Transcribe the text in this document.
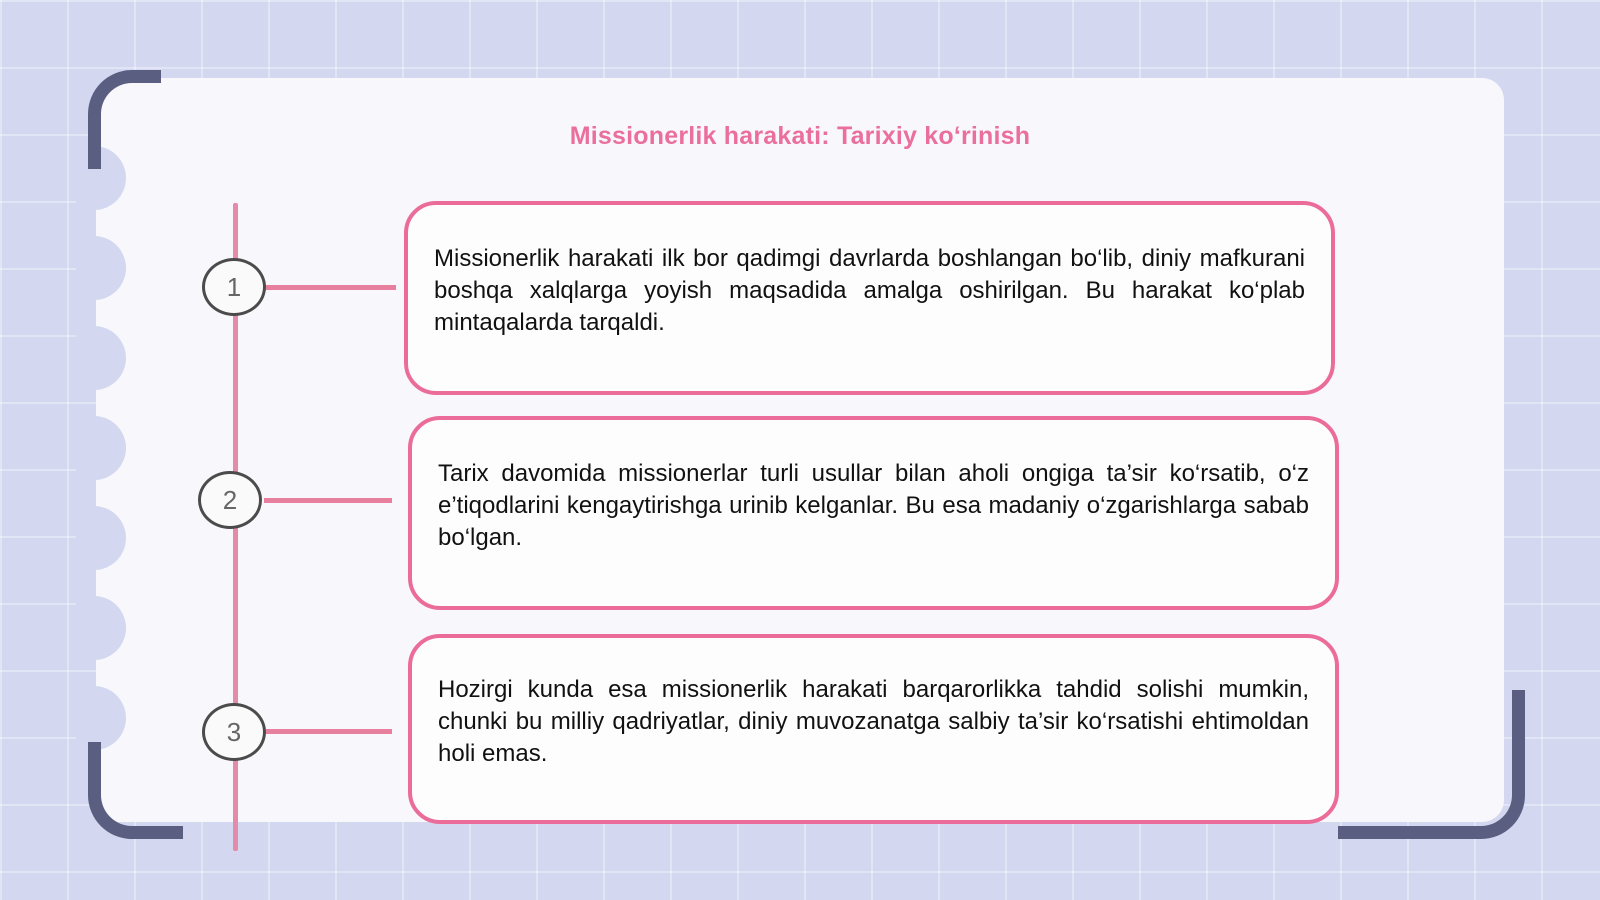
Missionerlik harakati: Tarixiy ko‘rinish
1
2
3

Missionerlik harakati ilk bor qadimgi davrlarda boshlangan bo‘lib, diniy mafkurani boshqa xalqlarga yoyish maqsadida amalga oshirilgan. Bu harakat ko‘plab mintaqalarda tarqaldi.

Tarix davomida missionerlar turli usullar bilan aholi ongiga ta’sir ko‘rsatib, o‘z e’tiqodlarini kengaytirishga urinib kelganlar. Bu esa madaniy o‘zgarishlarga sabab bo‘lgan.

Hozirgi kunda esa missionerlik harakati barqarorlikka tahdid solishi mumkin, chunki bu milliy qadriyatlar, diniy muvozanatga salbiy ta’sir ko‘rsatishi ehtimoldan holi emas.
